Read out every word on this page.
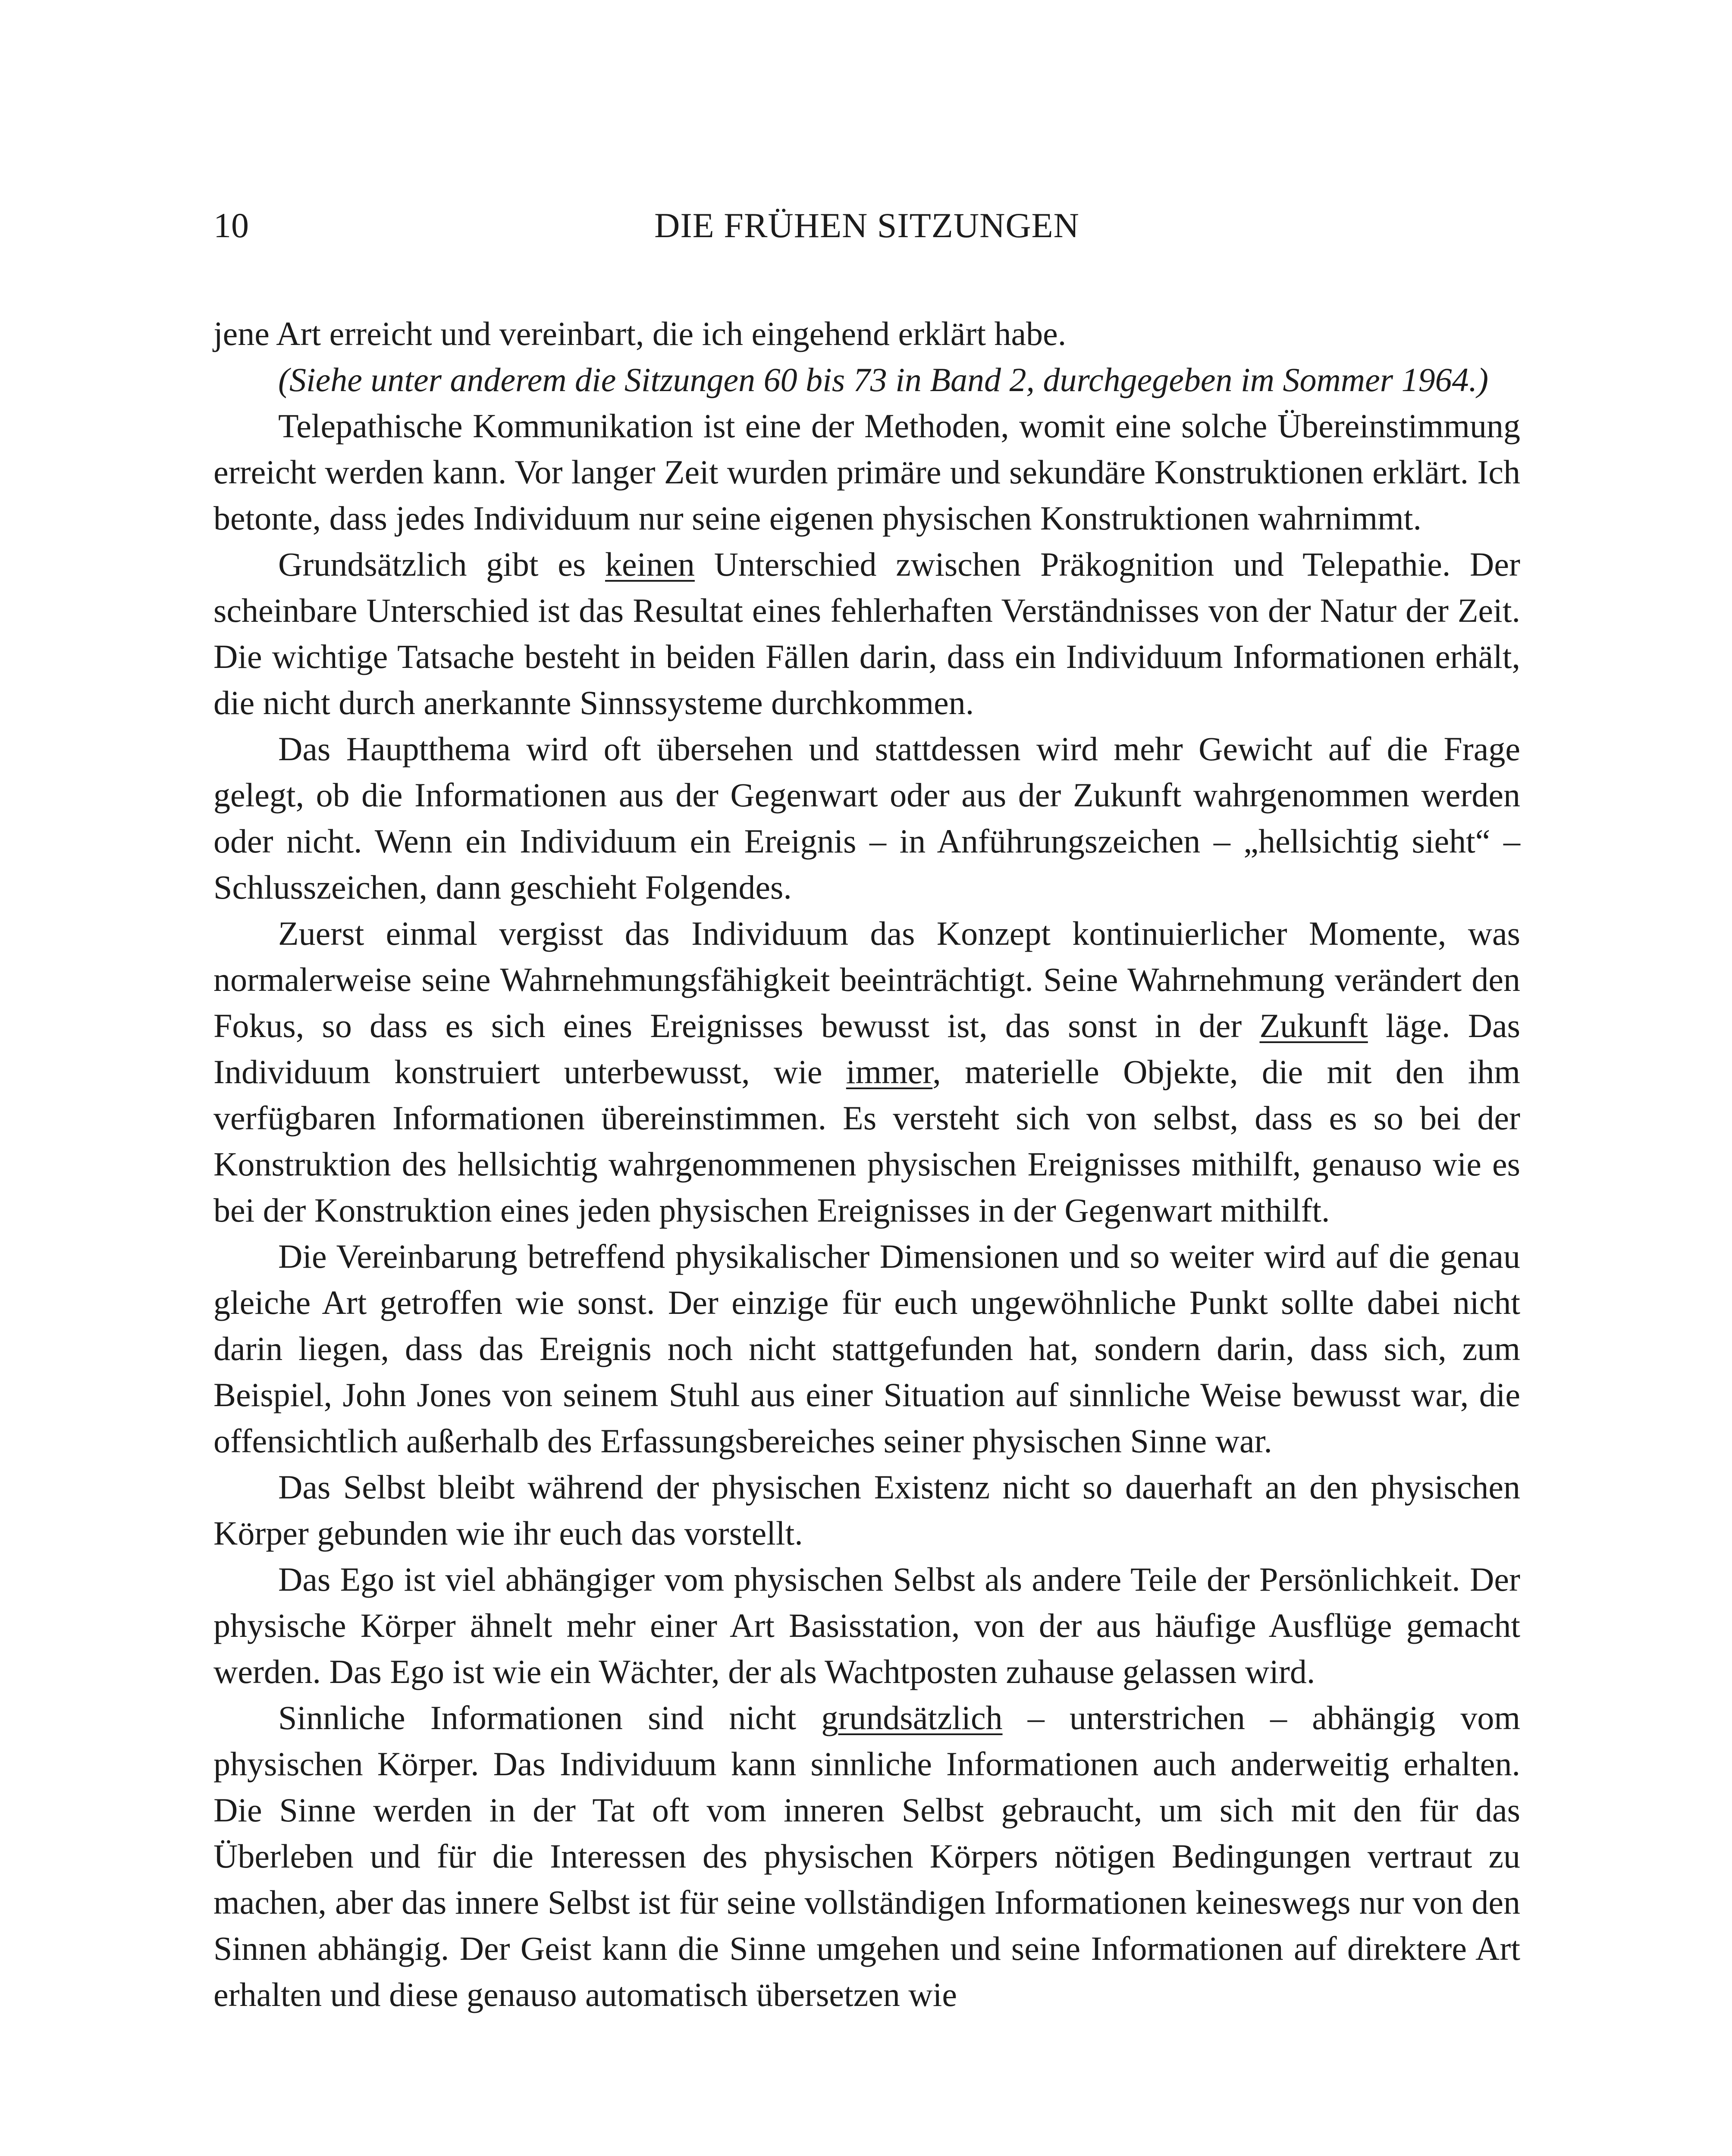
10	DIE FRÜHEN SITZUNGEN

jene Art erreicht und vereinbart, die ich eingehend erklärt habe.

(Siehe unter anderem die Sitzungen 60 bis 73 in Band 2, durchgegeben im Sommer 1964.)

Telepathische Kommunikation ist eine der Methoden, womit eine solche Übereinstimmung erreicht werden kann. Vor langer Zeit wurden primäre und sekundäre Konstruktionen erklärt. Ich betonte, dass jedes Individuum nur seine eigenen physischen Konstruktionen wahrnimmt.

Grundsätzlich gibt es keinen Unterschied zwischen Präkognition und Telepathie. Der scheinbare Unterschied ist das Resultat eines fehlerhaften Verständnisses von der Natur der Zeit. Die wichtige Tatsache besteht in beiden Fällen darin, dass ein Individuum Informationen erhält, die nicht durch anerkannte Sinnssysteme durchkommen.

Das Hauptthema wird oft übersehen und stattdessen wird mehr Gewicht auf die Frage gelegt, ob die Informationen aus der Gegenwart oder aus der Zukunft wahrgenommen werden oder nicht. Wenn ein Individuum ein Ereignis – in Anführungszeichen – „hellsichtig sieht“ – Schlusszeichen, dann geschieht Folgendes.

Zuerst einmal vergisst das Individuum das Konzept kontinuierlicher Momente, was normalerweise seine Wahrnehmungsfähigkeit beeinträchtigt. Seine Wahrnehmung verändert den Fokus, so dass es sich eines Ereignisses bewusst ist, das sonst in der Zukunft läge. Das Individuum konstruiert unterbewusst, wie immer, materielle Objekte, die mit den ihm verfügbaren Informationen übereinstimmen. Es versteht sich von selbst, dass es so bei der Konstruktion des hellsichtig wahrgenommenen physischen Ereignisses mithilft, genauso wie es bei der Konstruktion eines jeden physischen Ereignisses in der Gegenwart mithilft.

Die Vereinbarung betreffend physikalischer Dimensionen und so weiter wird auf die genau gleiche Art getroffen wie sonst. Der einzige für euch ungewöhnliche Punkt sollte dabei nicht darin liegen, dass das Ereignis noch nicht stattgefunden hat, sondern darin, dass sich, zum Beispiel, John Jones von seinem Stuhl aus einer Situation auf sinnliche Weise bewusst war, die offensichtlich außerhalb des Erfassungsbereiches seiner physischen Sinne war.

Das Selbst bleibt während der physischen Existenz nicht so dauerhaft an den physischen Körper gebunden wie ihr euch das vorstellt.

Das Ego ist viel abhängiger vom physischen Selbst als andere Teile der Persönlichkeit. Der physische Körper ähnelt mehr einer Art Basisstation, von der aus häufige Ausflüge gemacht werden. Das Ego ist wie ein Wächter, der als Wachtposten zuhause gelassen wird.

Sinnliche Informationen sind nicht grundsätzlich – unterstrichen – abhängig vom physischen Körper. Das Individuum kann sinnliche Informationen auch anderweitig erhalten. Die Sinne werden in der Tat oft vom inneren Selbst gebraucht, um sich mit den für das Überleben und für die Interessen des physischen Körpers nötigen Bedingungen vertraut zu machen, aber das innere Selbst ist für seine vollständigen Informationen keineswegs nur von den Sinnen abhängig. Der Geist kann die Sinne umgehen und seine Informationen auf direktere Art erhalten und diese genauso automatisch übersetzen wie
